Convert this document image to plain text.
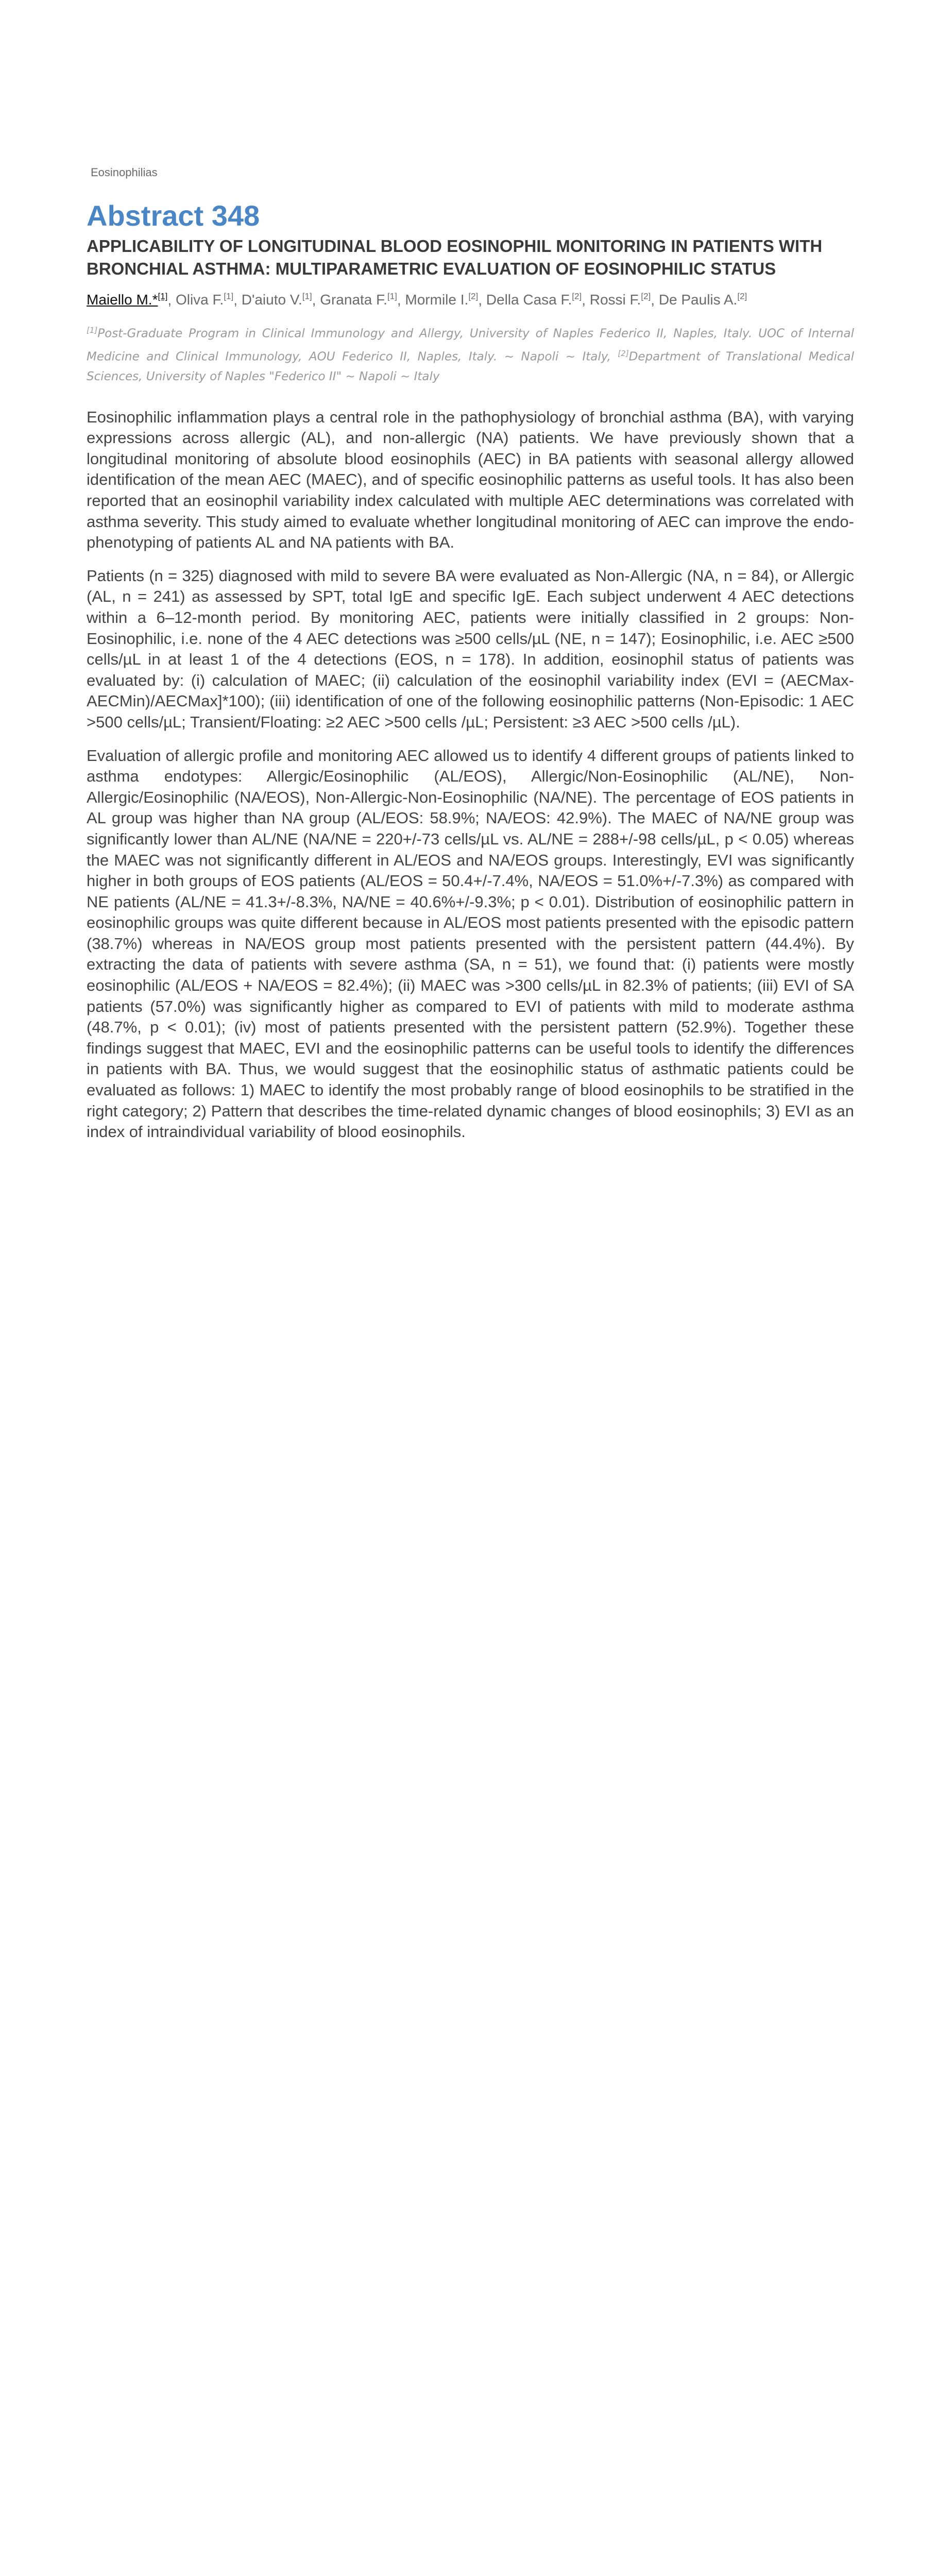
Eosinophilias
Abstract 348
APPLICABILITY OF LONGITUDINAL BLOOD EOSINOPHIL MONITORING IN PATIENTS WITH BRONCHIAL ASTHMA: MULTIPARAMETRIC EVALUATION OF EOSINOPHILIC STATUS

Maiello M.*[1], Oliva F.[1], D'aiuto V.[1], Granata F.[1], Mormile I.[2], Della Casa F.[2], Rossi F.[2], De Paulis A.[2]

[1]Post-Graduate Program in Clinical Immunology and Allergy, University of Naples Federico II, Naples, Italy. UOC of Internal Medicine and Clinical Immunology, AOU Federico II, Naples, Italy. ~ Napoli ~ Italy, [2]Department of Translational Medical Sciences, University of Naples "Federico II" ~ Napoli ~ Italy

Eosinophilic inflammation plays a central role in the pathophysiology of bronchial asthma (BA), with varying expressions across allergic (AL), and non-allergic (NA) patients. We have previously shown that a longitudinal monitoring of absolute blood eosinophils (AEC) in BA patients with seasonal allergy allowed identification of the mean AEC (MAEC), and of specific eosinophilic patterns as useful tools. It has also been reported that an eosinophil variability index calculated with multiple AEC determinations was correlated with asthma severity. This study aimed to evaluate whether longitudinal monitoring of AEC can improve the endo-phenotyping of patients AL and NA patients with BA.

Patients (n = 325) diagnosed with mild to severe BA were evaluated as Non-Allergic (NA, n = 84), or Allergic (AL, n = 241) as assessed by SPT, total IgE and specific IgE. Each subject underwent 4 AEC detections within a 6–12-month period. By monitoring AEC, patients were initially classified in 2 groups: Non-Eosinophilic, i.e. none of the 4 AEC detections was ≥500 cells/µL (NE, n = 147); Eosinophilic, i.e. AEC ≥500 cells/µL in at least 1 of the 4 detections (EOS, n = 178). In addition, eosinophil status of patients was evaluated by: (i) calculation of MAEC; (ii) calculation of the eosinophil variability index (EVI = (AECMax-AECMin)/AECMax]*100); (iii) identification of one of the following eosinophilic patterns (Non-Episodic: 1 AEC >500 cells/µL; Transient/Floating: ≥2 AEC >500 cells /µL; Persistent: ≥3 AEC >500 cells /µL).

Evaluation of allergic profile and monitoring AEC allowed us to identify 4 different groups of patients linked to asthma endotypes: Allergic/Eosinophilic (AL/EOS), Allergic/Non-Eosinophilic (AL/NE), Non-Allergic/Eosinophilic (NA/EOS), Non-Allergic-Non-Eosinophilic (NA/NE). The percentage of EOS patients in AL group was higher than NA group (AL/EOS: 58.9%; NA/EOS: 42.9%). The MAEC of NA/NE group was significantly lower than AL/NE (NA/NE = 220+/-73 cells/µL vs. AL/NE = 288+/-98 cells/µL, p < 0.05) whereas the MAEC was not significantly different in AL/EOS and NA/EOS groups. Interestingly, EVI was significantly higher in both groups of EOS patients (AL/EOS = 50.4+/-7.4%, NA/EOS = 51.0%+/-7.3%) as compared with NE patients (AL/NE = 41.3+/-8.3%, NA/NE = 40.6%+/-9.3%; p < 0.01). Distribution of eosinophilic pattern in eosinophilic groups was quite different because in AL/EOS most patients presented with the episodic pattern (38.7%) whereas in NA/EOS group most patients presented with the persistent pattern (44.4%). By extracting the data of patients with severe asthma (SA, n = 51), we found that: (i) patients were mostly eosinophilic (AL/EOS + NA/EOS = 82.4%); (ii) MAEC was >300 cells/µL in 82.3% of patients; (iii) EVI of SA patients (57.0%) was significantly higher as compared to EVI of patients with mild to moderate asthma (48.7%, p < 0.01); (iv) most of patients presented with the persistent pattern (52.9%). Together these findings suggest that MAEC, EVI and the eosinophilic patterns can be useful tools to identify the differences in patients with BA. Thus, we would suggest that the eosinophilic status of asthmatic patients could be evaluated as follows: 1) MAEC to identify the most probably range of blood eosinophils to be stratified in the right category; 2) Pattern that describes the time-related dynamic changes of blood eosinophils; 3) EVI as an index of intraindividual variability of blood eosinophils.
